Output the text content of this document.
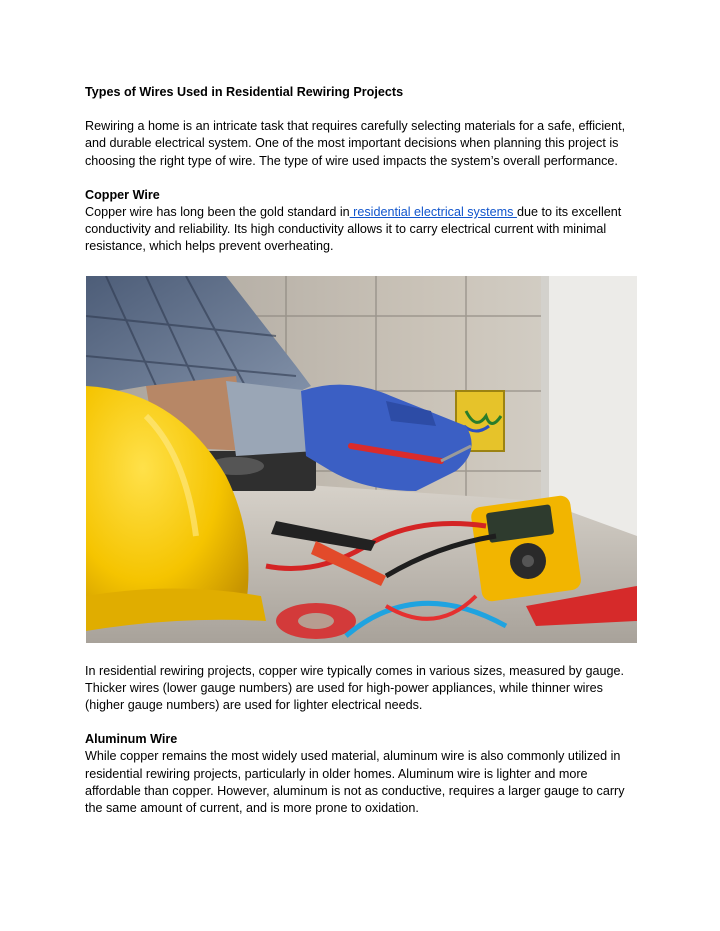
Types of Wires Used in Residential Rewiring Projects

Rewiring a home is an intricate task that requires carefully selecting materials for a safe, efficient, and durable electrical system. One of the most important decisions when planning this project is choosing the right type of wire. The type of wire used impacts the system’s overall performance.

Copper Wire

Copper wire has long been the gold standard in residential electrical systems due to its excellent conductivity and reliability. Its high conductivity allows it to carry electrical current with minimal resistance, which helps prevent overheating.

In residential rewiring projects, copper wire typically comes in various sizes, measured by gauge. Thicker wires (lower gauge numbers) are used for high-power appliances, while thinner wires (higher gauge numbers) are used for lighter electrical needs.

Aluminum Wire

While copper remains the most widely used material, aluminum wire is also commonly utilized in residential rewiring projects, particularly in older homes. Aluminum wire is lighter and more affordable than copper. However, aluminum is not as conductive, requires a larger gauge to carry the same amount of current, and is more prone to oxidation.
